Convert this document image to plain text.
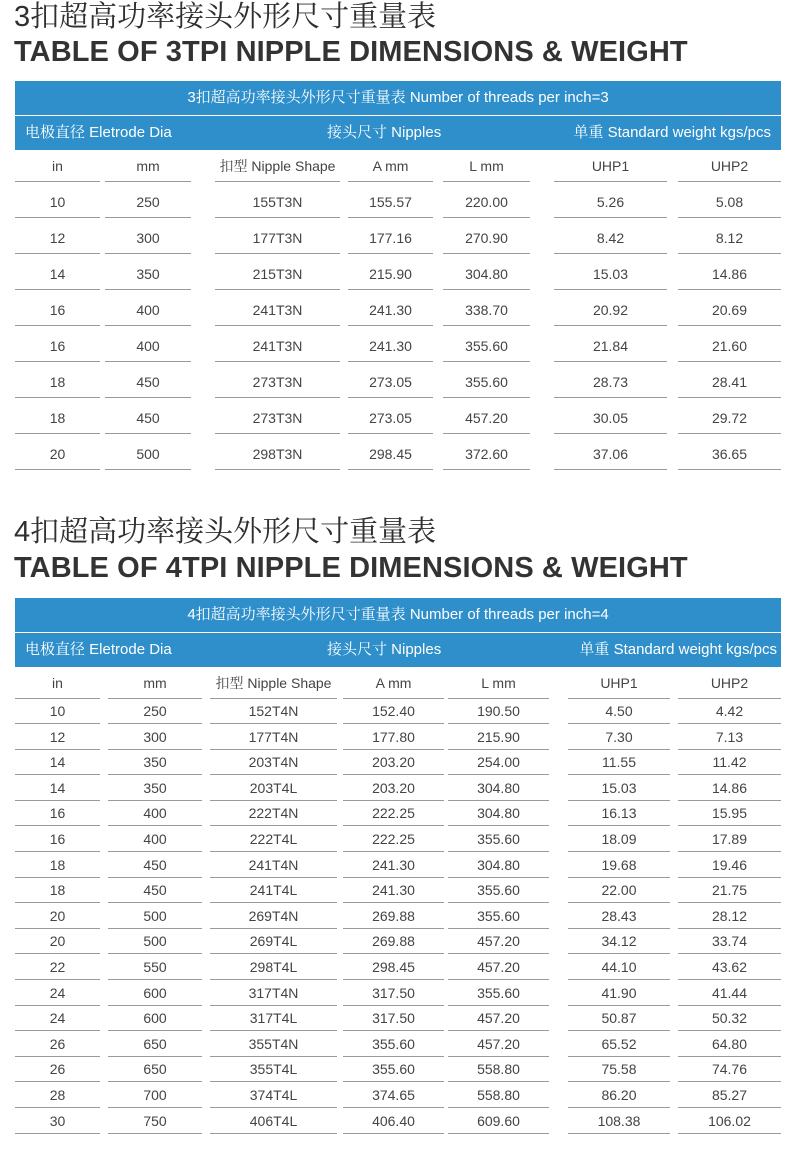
3扣超高功率接头外形尺寸重量表
TABLE OF 3TPI NIPPLE DIMENSIONS & WEIGHT
3扣超高功率接头外形尺寸重量表 Number of threads per inch=3
电极直径 Eletrode Dia	接头尺寸 Nipples	单重 Standard weight kgs/pcs
in	mm	扣型 Nipple Shape	A mm	L mm	UHP1	UHP2
10	250	155T3N	155.57	220.00	5.26	5.08
12	300	177T3N	177.16	270.90	8.42	8.12
14	350	215T3N	215.90	304.80	15.03	14.86
16	400	241T3N	241.30	338.70	20.92	20.69
16	400	241T3N	241.30	355.60	21.84	21.60
18	450	273T3N	273.05	355.60	28.73	28.41
18	450	273T3N	273.05	457.20	30.05	29.72
20	500	298T3N	298.45	372.60	37.06	36.65
4扣超高功率接头外形尺寸重量表
TABLE OF 4TPI NIPPLE DIMENSIONS & WEIGHT
4扣超高功率接头外形尺寸重量表 Number of threads per inch=4
电极直径 Eletrode Dia	接头尺寸 Nipples	单重 Standard weight kgs/pcs
in	mm	扣型 Nipple Shape	A mm	L mm	UHP1	UHP2
10	250	152T4N	152.40	190.50	4.50	4.42
12	300	177T4N	177.80	215.90	7.30	7.13
14	350	203T4N	203.20	254.00	11.55	11.42
14	350	203T4L	203.20	304.80	15.03	14.86
16	400	222T4N	222.25	304.80	16.13	15.95
16	400	222T4L	222.25	355.60	18.09	17.89
18	450	241T4N	241.30	304.80	19.68	19.46
18	450	241T4L	241.30	355.60	22.00	21.75
20	500	269T4N	269.88	355.60	28.43	28.12
20	500	269T4L	269.88	457.20	34.12	33.74
22	550	298T4L	298.45	457.20	44.10	43.62
24	600	317T4N	317.50	355.60	41.90	41.44
24	600	317T4L	317.50	457.20	50.87	50.32
26	650	355T4N	355.60	457.20	65.52	64.80
26	650	355T4L	355.60	558.80	75.58	74.76
28	700	374T4L	374.65	558.80	86.20	85.27
30	750	406T4L	406.40	609.60	108.38	106.02
